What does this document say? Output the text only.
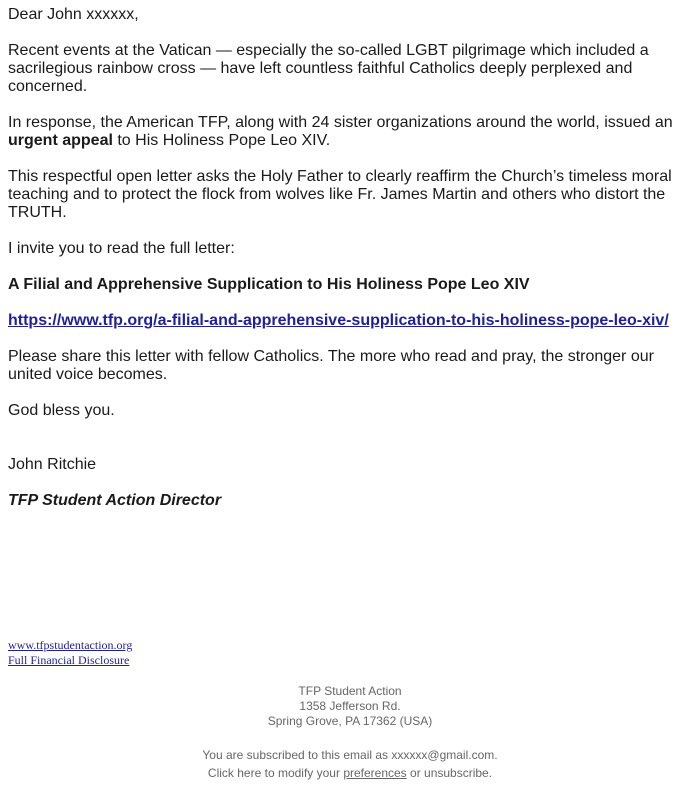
Dear John xxxxxx,

Recent events at the Vatican — especially the so-called LGBT pilgrimage which included a sacrilegious rainbow cross — have left countless faithful Catholics deeply perplexed and concerned.

In response, the American TFP, along with 24 sister organizations around the world, issued an urgent appeal to His Holiness Pope Leo XIV.

This respectful open letter asks the Holy Father to clearly reaffirm the Church’s timeless moral teaching and to protect the flock from wolves like Fr. James Martin and others who distort the TRUTH.

I invite you to read the full letter:

A Filial and Apprehensive Supplication to His Holiness Pope Leo XIV

https://www.tfp.org/a-filial-and-apprehensive-supplication-to-his-holiness-pope-leo-xiv/

Please share this letter with fellow Catholics. The more who read and pray, the stronger our united voice becomes.

God bless you.

John Ritchie

TFP Student Action Director

www.tfpstudentaction.org
Full Financial Disclosure
TFP Student Action
1358 Jefferson Rd.
Spring Grove, PA 17362 (USA)
You are subscribed to this email as xxxxxx@gmail.com.
Click here to modify your preferences or unsubscribe.
